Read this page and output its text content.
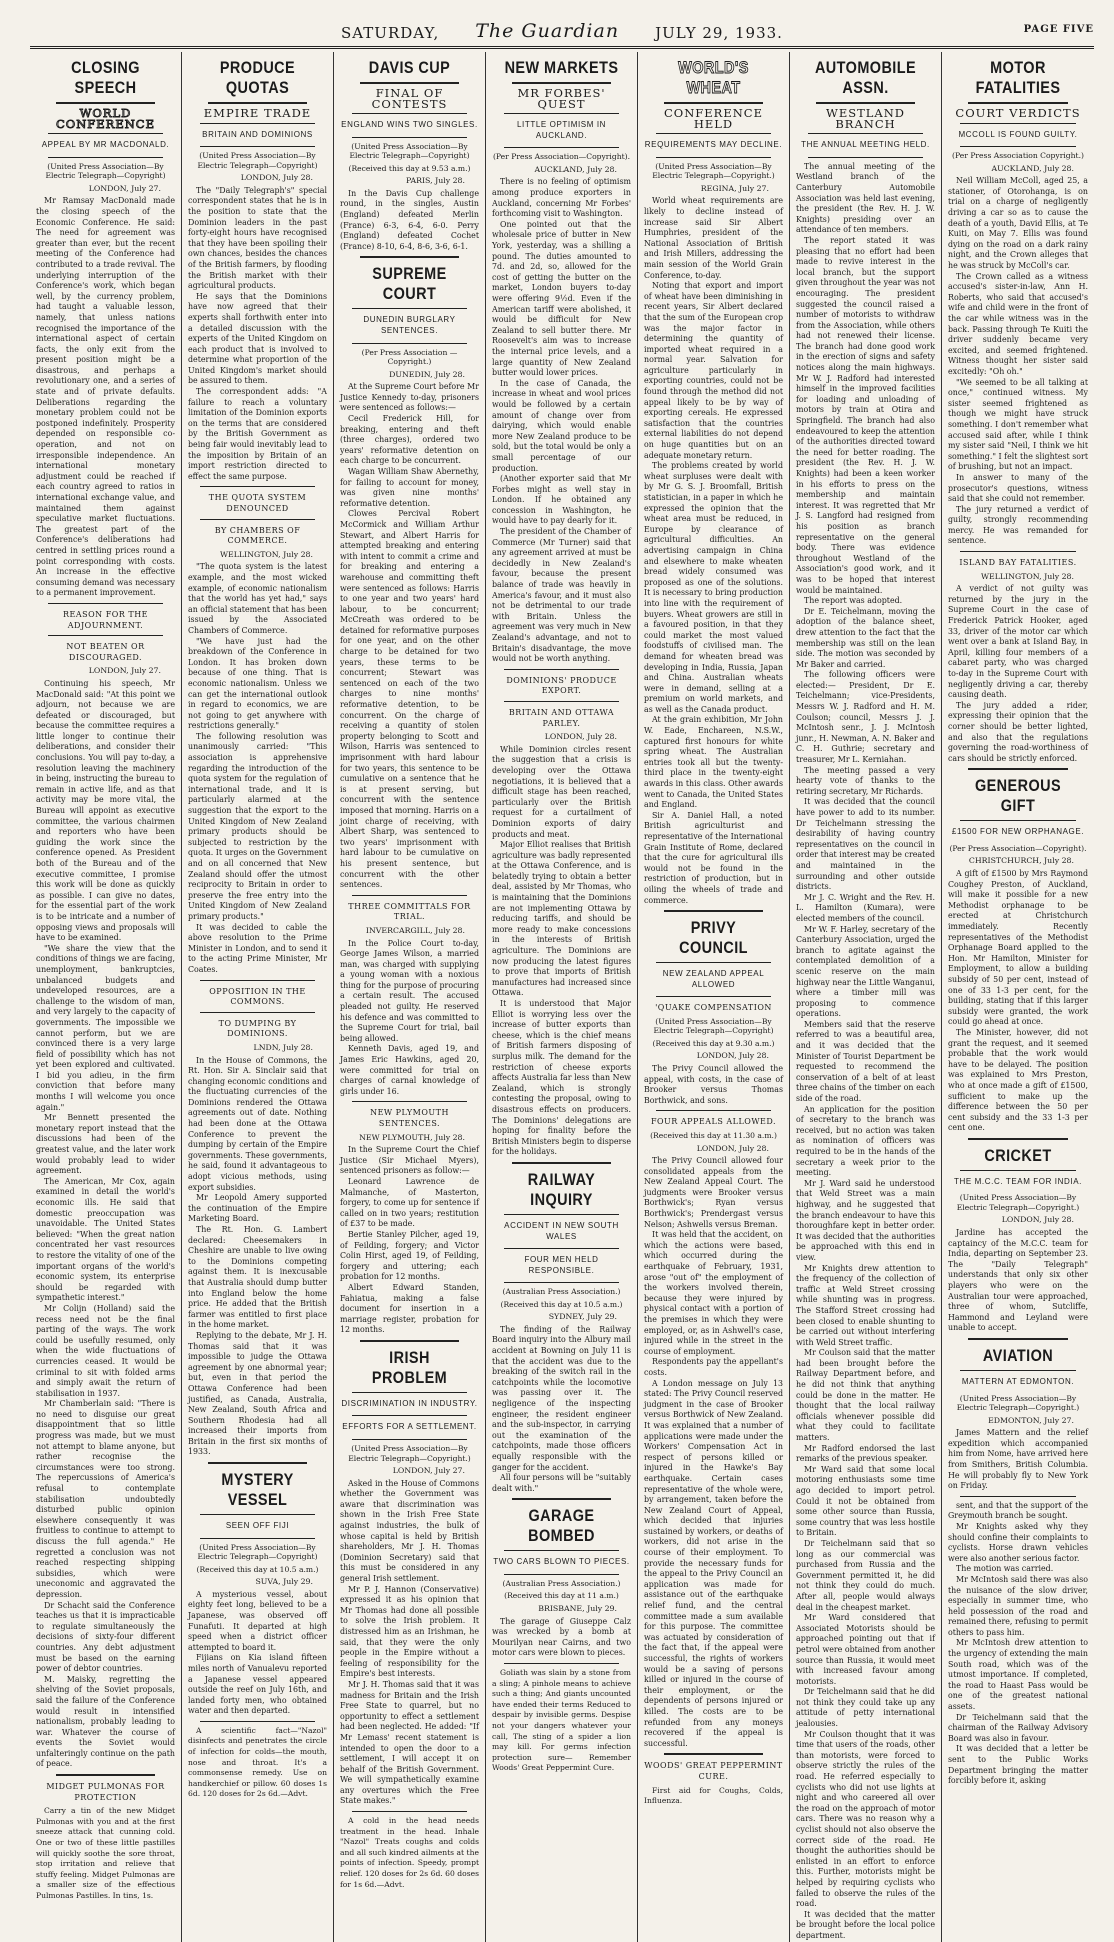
SATURDAY, The Guardian JULY 29, 1933.	PAGE FIVE
CLOSING SPEECH
WORLD CONFERENCE
APPEAL BY MR MACDONALD.
(United Press Association—By Electric Telegraph—Copyright)
LONDON, July 27.

Mr Ramsay MacDonald made the closing speech of the Economic Conference. He said: The need for agreement was greater than ever, but the recent meeting of the Conference had contributed to a trade revival. The underlying interruption of the Conference's work, which began well, by the currency problem, had taught a valuable lesson, namely, that unless nations recognised the importance of the international aspect of certain facts, the only exit from the present position might be a disastrous, and perhaps a revolutionary one, and a series of state and of private defaults. Deliberations regarding the monetary problem could not be postponed indefinitely. Prosperity depended on responsible co-operation, and not on irresponsible independence. An international monetary adjustment could be reached if each country agreed to ratios in international exchange value, and maintained them against speculative market fluctuations. The greatest part of the Conference's deliberations had centred in settling prices round a point corresponding with costs. An increase in the effective consuming demand was necessary to a permanent improvement.

REASON FOR THE ADJOURNMENT.
NOT BEATEN OR DISCOURAGED.
LONDON, July 27.

Continuing his speech, Mr MacDonald said: "At this point we adjourn, not because we are defeated or discouraged, but because the committee requires a little longer to continue their deliberations, and consider their conclusions. You will pay to-day, a resolution leaving the machinery in being, instructing the bureau to remain in active life, and as that activity may be more vital, the Bureau will appoint as executive committee, the various chairmen and reporters who have been guiding the work since the conference opened. As President both of the Bureau and of the executive committee, I promise this work will be done as quickly as possible. I can give no dates, for the essential part of the work is to be intricate and a number of opposing views and proposals will have to be examined.

"We share the view that the conditions of things we are facing, unemployment, bankruptcies, unbalanced budgets and undeveloped resources, are a challenge to the wisdom of man, and very largely to the capacity of governments. The impossible we cannot perform, but we are convinced there is a very large field of possibility which has not yet been explored and cultivated. I bid you adieu, in the firm conviction that before many months I will welcome you once again."

Mr Bennett presented the monetary report instead that the discussions had been of the greatest value, and the later work would probably lead to wider agreement.

The American, Mr Cox, again examined in detail the world's economic ills. He said that domestic preoccupation was unavoidable. The United States believed: "When the great nation concentrated her vast resources to restore the vitality of one of the important organs of the world's economic system, its enterprise should be regarded with sympathetic interest."

Mr Colijn (Holland) said the recess need not be the final parting of the ways. The work could be usefully resumed, only when the wide fluctuations of currencies ceased. It would be criminal to sit with folded arms and simply await the return of stabilisation in 1937.

Mr Chamberlain said: "There is no need to disguise our great disappointment that so little progress was made, but we must not attempt to blame anyone, but rather recognise the circumstances were too strong. The repercussions of America's refusal to contemplate stabilisation undoubtedly disturbed public opinion elsewhere consequently it was fruitless to continue to attempt to discuss the full agenda." He regretted a conclusion was not reached respecting shipping subsidies, which were uneconomic and aggravated the depression.

Dr Schacht said the Conference teaches us that it is impracticable to regulate simultaneously the decisions of sixty-four different countries. Any debt adjustment must be based on the earning power of debtor countries.

M. Maisky, regretting the shelving of the Soviet proposals, said the failure of the Conference would result in intensified nationalism, probably leading to war. Whatever the course of events the Soviet would unfalteringly continue on the path of peace.

MIDGET PULMONAS FOR PROTECTION

Carry a tin of the new Midget Pulmonas with you and at the first sneeze attack that cunning cold. One or two of these little pastilles will quickly soothe the sore throat, stop irritation and relieve that stuffy feeling. Midget Pulmonas are a smaller size of the effectious Pulmonas Pastilles. In tins, 1s.

PRODUCE QUOTAS
EMPIRE TRADE
BRITAIN AND DOMINIONS
(United Press Association—By Electric Telegraph—Copyright)
LONDON, July 28.

The "Daily Telegraph's" special correspondent states that he is in the position to state that the Dominion leaders in the past forty-eight hours have recognised that they have been spoiling their own chances, besides the chances of the British farmers, by flooding the British market with their agricultural products.

He says that the Dominions have now agreed that their experts shall forthwith enter into a detailed discussion with the experts of the United Kingdom on each product that is involved to determine what proportion of the United Kingdom's market should be assured to them.

The correspondent adds: "A failure to reach a voluntary limitation of the Dominion exports on the terms that are considered by the British Government as being fair would inevitably lead to the imposition by Britain of an import restriction directed to effect the same purpose.

THE QUOTA SYSTEM DENOUNCED
BY CHAMBERS OF COMMERCE.
WELLINGTON, July 28.

"The quota system is the latest example, and the most wicked example, of economic nationalism that the world has yet had," says an official statement that has been issued by the Associated Chambers of Commerce.

"We have just had the breakdown of the Conference in London. It has broken down because of one thing. That is economic nationalism. Unless we can get the international outlook in regard to economics, we are not going to get anywhere with restrictions generally."

The following resolution was unanimously carried: "This association is apprehensive regarding the introduction of the quota system for the regulation of international trade, and it is particularly alarmed at the suggestion that the export to the United Kingdom of New Zealand primary products should be subjected to restriction by the quota. It urges on the Government and on all concerned that New Zealand should offer the utmost reciprocity to Britain in order to preserve the free entry into the United Kingdom of New Zealand primary products."

It was decided to cable the above resolution to the Prime Minister in London, and to send it to the acting Prime Minister, Mr Coates.

OPPOSITION IN THE COMMONS.
TO DUMPING BY DOMINIONS.
LNDN, July 28.

In the House of Commons, the Rt. Hon. Sir A. Sinclair said that changing economic conditions and the fluctuating currencies of the Dominions rendered the Ottawa agreements out of date. Nothing had been done at the Ottawa Conference to prevent the dumping by certain of the Empire governments. These governments, he said, found it advantageous to adopt vicious methods, using export subsidies.

Mr Leopold Amery supported the continuation of the Empire Marketing Board.

The Rt. Hon. G. Lambert declared: Cheesemakers in Cheshire are unable to live owing to the Dominions competing against them. It is inexcusable that Australia should dump butter into England below the home price. He added that the British farmer was entitled to first place in the home market.

Replying to the debate, Mr J. H. Thomas said that it was impossible to judge the Ottawa agreement by one abnormal year; but, even in that period the Ottawa Conference had been justified, as Canada, Australia, New Zealand, South Africa and Southern Rhodesia had all increased their imports from Britain in the first six months of 1933.

MYSTERY VESSEL
SEEN OFF FIJI
(United Press Association—By Electric Telegraph—Copyright)
(Received this day at 10.5 a.m.)
SUVA, July 29.

A mysterious vessel, about eighty feet long, believed to be a Japanese, was observed off Funafuti. It departed at high speed when a district officer attempted to board it.

Fijians on Kia island fifteen miles north of Vanualevu reported a Japanese vessel appeared outside the reef on July 16th, and landed forty men, who obtained water and then departed.

A scientific fact—"Nazol" disinfects and penetrates the circle of infection for colds—the mouth, nose and throat. It's a commonsense remedy. Use on handkerchief or pillow. 60 doses 1s 6d. 120 doses for 2s 6d.—Advt.

DAVIS CUP
FINAL OF CONTESTS
ENGLAND WINS TWO SINGLES.
(United Press Association—By Electric Telegraph—Copyright)
(Received this day at 9.53 a.m.)
PARIS, July 28.

In the Davis Cup challenge round, in the singles, Austin (England) defeated Merlin (France) 6-3, 6-4, 6-0. Perry (England) defeated Cochet (France) 8-10, 6-4, 8-6, 3-6, 6-1.

SUPREME COURT
DUNEDIN BURGLARY SENTENCES.
(Per Press Association — Copyright.)
DUNEDIN, July 28.

At the Supreme Court before Mr Justice Kennedy to-day, prisoners were sentenced as follows:—

Cecil Frederick Hill, for breaking, entering and theft (three charges), ordered two years' reformative detention on each charge to be concurrent.

Wagan William Shaw Abernethy, for failing to account for money, was given nine months' reformative detention.

Clowes Percival Robert McCormick and William Arthur Stewart, and Albert Harris for attempted breaking and entering with intent to commit a crime and for breaking and entering a warehouse and committing theft were sentenced as follows: Harris to one year and two years' hard labour, to be concurrent; McCreath was ordered to be detained for reformative purposes for one year, and on the other charge to be detained for two years, these terms to be concurrent; Stewart was sentenced on each of the two charges to nine months' reformative detention, to be concurrent. On the charge of receiving a quantity of stolen property belonging to Scott and Wilson, Harris was sentenced to imprisonment with hard labour for two years, this sentence to be cumulative on a sentence that he is at present serving, but concurrent with the sentence imposed that morning. Harris on a joint charge of receiving, with Albert Sharp, was sentenced to two years' imprisonment with hard labour to be cumulative on his present sentence, but concurrent with the other sentences.

THREE COMMITTALS FOR TRIAL.
INVERCARGILL, July 28.

In the Police Court to-day, George James Wilson, a married man, was charged with supplying a young woman with a noxious thing for the purpose of procuring a certain result. The accused pleaded not guilty. He reserved his defence and was committed to the Supreme Court for trial, bail being allowed.

Kenneth Davis, aged 19, and James Eric Hawkins, aged 20, were committed for trial on charges of carnal knowledge of girls under 16.

NEW PLYMOUTH SENTENCES.
NEW PLYMOUTH, July 28.

In the Supreme Court the Chief Justice (Sir Michael Myers), sentenced prisoners as follow:—

Leonard Lawrence de Malmanche, of Masterton, forgery, to come up for sentence if called on in two years; restitution of £37 to be made.

Bertie Stanley Pilcher, aged 19, of Feilding, forgery; and Victor Colin Hirst, aged 19, of Feilding, forgery and uttering; each probation for 12 months.

Albert Edward Standen, Fahiatua, making a false document for insertion in a marriage register, probation for 12 months.

IRISH PROBLEM
DISCRIMINATION IN INDUSTRY.
EFFORTS FOR A SETTLEMENT.
(United Press Association—By Electric Telegraph—Copyright.)
LONDON, July 27.

Asked in the House of Commons whether the Government was aware that discrimination was shown in the Irish Free State against industries, the bulk of whose capital is held by British shareholders, Mr J. H. Thomas (Dominion Secretary) said that this must be considered in any general Irish settlement.

Mr P. J. Hannon (Conservative) expressed it as his opinion that Mr Thomas had done all possible to solve the Irish problem. It distressed him as an Irishman, he said, that they were the only people in the Empire without a feeling of responsibility for the Empire's best interests.

Mr J. H. Thomas said that it was madness for Britain and the Irish Free State to quarrel, but no opportunity to effect a settlement had been neglected. He added: "If Mr Lemass' recent statement is intended to open the door to a settlement, I will accept it on behalf of the British Government. We will sympathetically examine any overtures which the Free State makes."

A cold in the head needs treatment in the head. Inhale "Nazol" Treats coughs and colds and all such kindred ailments at the points of infection. Speedy, prompt relief. 120 doses for 2s 6d. 60 doses for 1s 6d.—Advt.

NEW MARKETS
MR FORBES' QUEST
LITTLE OPTIMISM IN AUCKLAND.
(Per Press Association—Copyright).
AUCKLAND, July 28.

There is no feeling of optimism among produce exporters in Auckland, concerning Mr Forbes' forthcoming visit to Washington.

One pointed out that the wholesale price of butter in New York, yesterday, was a shilling a pound. The duties amounted to 7d. and 2d, so, allowed for the cost of getting the butter on the market, London buyers to-day were offering 9½d. Even if the American tariff were abolished, it would be difficult for New Zealand to sell butter there. Mr Roosevelt's aim was to increase the internal price levels, and a large quantity of New Zealand butter would lower prices.

In the case of Canada, the increase in wheat and wool prices would be followed by a certain amount of change over from dairying, which would enable more New Zealand produce to be sold, but the total would be only a small percentage of our production.

(Another exporter said that Mr Forbes might as well stay in London. If he obtained any concession in Washington, he would have to pay dearly for it.

The president of the Chamber of Commerce (Mr Turner) said that any agreement arrived at must be decidedly in New Zealand's favour, because the present balance of trade was heavily in America's favour, and it must also not be detrimental to our trade with Britain. Unless the agreement was very much in New Zealand's advantage, and not to Britain's disadvantage, the move would not be worth anything.

DOMINIONS' PRODUCE EXPORT.
BRITAIN AND OTTAWA PARLEY.
LONDON, July 28.

While Dominion circles resent the suggestion that a crisis is developing over the Ottawa negotiations, it is believed that a difficult stage has been reached, particularly over the British request for a curtailment of Dominion exports of dairy products and meat.

Major Elliot realises that British agriculture was badly represented at the Ottawa Conference, and is belatedly trying to obtain a better deal, assisted by Mr Thomas, who is maintaining that the Dominions are not implementing Ottawa by reducing tariffs, and should be more ready to make concessions in the interests of British agriculture. The Dominions are now producing the latest figures to prove that imports of British manufactures had increased since Ottawa.

It is understood that Major Elliot is worrying less over the increase of butter exports than cheese, which is the chief means of British farmers disposing of surplus milk. The demand for the restriction of cheese exports affects Australia far less than New Zealand, which is strongly contesting the proposal, owing to disastrous effects on producers. The Dominions' delegations are hoping for finality before the British Ministers begin to disperse for the holidays.

RAILWAY INQUIRY
ACCIDENT IN NEW SOUTH WALES
FOUR MEN HELD RESPONSIBLE.
(Australian Press Association.)
(Received this day at 10.5 a.m.)
SYDNEY, July 29.

The finding of the Railway Board inquiry into the Albury mail accident at Bowning on July 11 is that the accident was due to the breaking of the switch rail in the catchpoints while the locomotive was passing over it. The negligence of the inspecting engineer, the resident engineer and the sub-inspector, in carrying out the examination of the catchpoints, made those officers equally responsible with the ganger for the accident.

All four persons will be "suitably dealt with."

GARAGE BOMBED
TWO CARS BLOWN TO PIECES.
(Australian Press Association.)
(Received this day at 11 a.m.)
BRISBANE, July 29.

The garage of Giuseppe Calz was wrecked by a bomb at Mourilyan near Cairns, and two motor cars were blown to pieces.

Goliath was slain by a stone from a sling; A pinhole means to achieve such a thing; And giants uncounted have ended their terms Reduced to despair by invisible germs. Despise not your dangers whatever your call, The sting of a spider a lion may kill. For germs infection protection sure— Remember Woods' Great Peppermint Cure.

WORLD'S WHEAT
CONFERENCE HELD
REQUIREMENTS MAY DECLINE.
(United Press Association—By Electric Telegraph—Copyright.)
REGINA, July 27.

World wheat requirements are likely to decline instead of increase said Sir Albert Humphries, president of the National Association of British and Irish Millers, addressing the main session of the World Grain Conference, to-day.

Noting that export and import of wheat have been diminishing in recent years, Sir Albert declared that the sum of the European crop was the major factor in determining the quantity of imported wheat required in a normal year. Salvation for agriculture particularly in exporting countries, could not be found through the method did not appeal likely to be by way of exporting cereals. He expressed satisfaction that the countries external liabilities do not depend on huge quantities but on an adequate monetary return.

The problems created by world wheat surpluses were dealt with by Mr G. S. J. Broomfall, British statistician, in a paper in which he expressed the opinion that the wheat area must be reduced, in Europe by clearance of agricultural difficulties. An advertising campaign in China and elsewhere to make wheaten bread widely consumed was proposed as one of the solutions. It is necessary to bring production into line with the requirement of buyers. Wheat growers are still in a favoured position, in that they could market the most valued foodstuffs of civilised man. The demand for wheaten bread was developing in India, Russia, Japan and China. Australian wheats were in demand, selling at a premium on world markets, and as well as the Canada product.

At the grain exhibition, Mr John W. Eade, Enchareen, N.S.W., captured first honours for white spring wheat. The Australian entries took all but the twenty-third place in the twenty-eight awards in this class. Other awards went to Canada, the United States and England.

Sir A. Daniel Hall, a noted British agriculturist and representative of the International Grain Institute of Rome, declared that the cure for agricultural ills would not be found in the restriction of production, but in oiling the wheels of trade and commerce.

PRIVY COUNCIL
NEW ZEALAND APPEAL ALLOWED
'QUAKE COMPENSATION
(United Press Association—By Electric Telegraph—Copyright)
(Received this day at 9.30 a.m.)
LONDON, July 28.

The Privy Council allowed the appeal, with costs, in the case of Brooker versus Thomas Borthwick, and sons.

FOUR APPEALS ALLOWED.
(Received this day at 11.30 a.m.)
LONDON, July 28.

The Privy Council allowed four consolidated appeals from the New Zealand Appeal Court. The judgments were Brooker versus Borthwick's; Ryan versus Borthwick's; Prendergast versus Nelson; Ashwells versus Breman.

It was held that the accident, on which the actions were based, which occurred during the earthquake of February, 1931, arose "out of" the employment of the workers involved therein, because they were injured by physical contact with a portion of the premises in which they were employed, or, as in Ashwell's case, injured while in the street in the course of employment.

Respondents pay the appellant's costs.

A London message on July 13 stated: The Privy Council reserved judgment in the case of Brooker versus Borthwick of New Zealand. It was explained that a number of applications were made under the Workers' Compensation Act in respect of persons killed or injured in the Hawke's Bay earthquake. Certain cases representative of the whole were, by arrangement, taken before the New Zealand Court of Appeal, which decided that injuries sustained by workers, or deaths of workers, did not arise in the course of their employment. To provide the necessary funds for the appeal to the Privy Council an application was made for assistance out of the earthquake relief fund, and the central committee made a sum available for this purpose. The committee was actuated by consideration of the fact that, if the appeal were successful, the rights of workers would be a saving of persons killed or injured in the course of their employment, or the dependents of persons injured or killed. The costs are to be refunded from any moneys recovered if the appeal is successful.

WOODS' GREAT PEPPERMINT CURE.

First aid for Coughs, Colds, Influenza.

AUTOMOBILE ASSN.
WESTLAND BRANCH
THE ANNUAL MEETING HELD.

The annual meeting of the Westland branch of the Canterbury Automobile Association was held last evening, the president (the Rev. H. J. W. Knights) presiding over an attendance of ten members.

The report stated it was pleasing that no effort had been made to revive interest in the local branch, but the support given throughout the year was not encouraging. The president suggested the council raised a number of motorists to withdraw from the Association, while others had not renewed their license. The branch had done good work in the erection of signs and safety notices along the main highways. Mr W. J. Radford had interested himself in the improved facilities for loading and unloading of motors by train at Otira and Springfield. The branch had also endeavoured to keep the attention of the authorities directed toward the need for better roading. The president (the Rev. H. J. W. Knights) had been a keen worker in his efforts to press on the membership and maintain interest. It was regretted that Mr J. S. Langford had resigned from his position as branch representative on the general body. There was evidence throughout Westland of the Association's good work, and it was to be hoped that interest would be maintained.

The report was adopted.

Dr E. Teichelmann, moving the adoption of the balance sheet, drew attention to the fact that the membership was still on the lean side. The motion was seconded by Mr Baker and carried.

The following officers were elected:— President, Dr E. Teichelmann; vice-Presidents, Messrs W. J. Radford and H. M. Coulson; council, Messrs J. J. McIntosh senr., J. J. McIntosh junr., H. Newman, A. N. Baker and C. H. Guthrie; secretary and treasurer, Mr L. Kerniahan.

The meeting passed a very hearty vote of thanks to the retiring secretary, Mr Richards.

It was decided that the council have power to add to its number. Dr Teichelmann stressing the desirability of having country representatives on the council in order that interest may be created and maintained in the surrounding and other outside districts.

Mr J. C. Wright and the Rev. H. L. Hamilton (Kumara), were elected members of the council.

Mr W. F. Harley, secretary of the Canterbury Association, urged the branch to agitate against the contemplated demolition of a scenic reserve on the main highway near the Little Wanganui, where a timber mill was proposing to commence operations.

Members said that the reserve referred to was a beautiful area, and it was decided that the Minister of Tourist Department be requested to recommend the conservation of a belt of at least three chains of the timber on each side of the road.

An application for the position of secretary to the branch was received, but no action was taken as nomination of officers was required to be in the hands of the secretary a week prior to the meeting.

Mr J. Ward said he understood that Weld Street was a main highway, and he suggested that the branch endeavour to have this thoroughfare kept in better order. It was decided that the authorities be approached with this end in view.

Mr Knights drew attention to the frequency of the collection of traffic at Weld Street crossing while shunting was in progress. The Stafford Street crossing had been closed to enable shunting to be carried out without interfering with Weld Street traffic.

Mr Coulson said that the matter had been brought before the Railway Department before, and he did not think that anything could be done in the matter. He thought that the local railway officials whenever possible did what they could to facilitate matters.

Mr Radford endorsed the last remarks of the previous speaker.

Mr Ward said that some local motoring enthusiasts some time ago decided to import petrol. Could it not be obtained from some other source than Russia, some country that was less hostile to Britain.

Dr Teichelmann said that so long as our commercial was purchased from Russia and the Government permitted it, he did not think they could do much. After all, people would always deal in the cheapest market.

Mr Ward considered that Associated Motorists should be approached pointing out that if petrol were obtained from another source than Russia, it would meet with increased favour among motorists.

Dr Teichelmann said that he did not think they could take up any attitude of petty international jealousies.

Mr Coulson thought that it was time that users of the roads, other than motorists, were forced to observe strictly the rules of the road. He referred especially to cyclists who did not use lights at night and who careered all over the road on the approach of motor cars. There was no reason why a cyclist should not also observe the correct side of the road. He thought the authorities should be enlisted in an effort to enforce this. Further, motorists might be helped by requiring cyclists who failed to observe the rules of the road.

It was decided that the matter be brought before the local police department.

MOTOR FATALITIES
COURT VERDICTS
MCCOLL IS FOUND GUILTY.
(Per Press Association Copyright.)
AUCKLAND, July 28.

Neil William McColl, aged 25, a stationer, of Otorohanga, is on trial on a charge of negligently driving a car so as to cause the death of a youth, David Ellis, at Te Kuiti, on May 7. Ellis was found dying on the road on a dark rainy night, and the Crown alleges that he was struck by McColl's car.

The Crown called as a witness accused's sister-in-law, Ann H. Roberts, who said that accused's wife and child were in the front of the car while witness was in the back. Passing through Te Kuiti the driver suddenly became very excited, and seemed frightened. Witness thought her sister said excitedly: "Oh oh."

"We seemed to be all talking at once," continued witness. My sister seemed frightened as though we might have struck something. I don't remember what accused said after, while I think my sister said "Neil, I think we hit something." I felt the slightest sort of brushing, but not an impact.

In answer to many of the prosecutor's questions, witness said that she could not remember.

The jury returned a verdict of guilty, strongly recommending mercy. He was remanded for sentence.

ISLAND BAY FATALITIES.
WELLINGTON, July 28.

A verdict of not guilty was returned by the jury in the Supreme Court in the case of Frederick Patrick Hooker, aged 33, driver of the motor car which went over a bank at Island Bay, in April, killing four members of a cabaret party, who was charged to-day in the Supreme Court with negligently driving a car, thereby causing death.

The jury added a rider, expressing their opinion that the corner should be better lighted, and also that the regulations governing the road-worthiness of cars should be strictly enforced.

GENEROUS GIFT
£1500 FOR NEW ORPHANAGE.
(Per Press Association—Copyright).
CHRISTCHURCH, July 28.

A gift of £1500 by Mrs Raymond Coughey Preston, of Auckland, will make it possible for a new Methodist orphanage to be erected at Christchurch immediately. Recently representatives of the Methodist Orphanage Board applied to the Hon. Mr Hamilton, Minister for Employment, to allow a building subsidy of 50 per cent, instead of one of 33 1-3 per cent, for the building, stating that if this larger subsidy were granted, the work could go ahead at once.

The Minister, however, did not grant the request, and it seemed probable that the work would have to be delayed. The position was explained to Mrs Preston, who at once made a gift of £1500, sufficient to make up the difference between the 50 per cent subsidy and the 33 1-3 per cent one.

CRICKET
THE M.C.C. TEAM FOR INDIA.
(United Press Association—By Electric Telegraph—Copyright.)
LONDON, July 28.

Jardine has accepted the captaincy of the M.C.C. team for India, departing on September 23. The "Daily Telegraph" understands that only six other players who were on the Australian tour were approached, three of whom, Sutcliffe, Hammond and Leyland were unable to accept.

AVIATION
MATTERN AT EDMONTON.
(United Press Association—By Electric Telegraph—Copyright.)
EDMONTON, July 27.

James Mattern and the relief expedition which accompanied him from Nome, have arrived here from Smithers, British Columbia. He will probably fly to New York on Friday.

sent, and that the support of the Greymouth branch be sought.

Mr Knights asked why they should confine their complaints to cyclists. Horse drawn vehicles were also another serious factor.

The motion was carried.

Mr McIntosh said there was also the nuisance of the slow driver, especially in summer time, who held possession of the road and remained there, refusing to permit others to pass him.

Mr McIntosh drew attention to the urgency of extending the main South road, which was of the utmost importance. If completed, the road to Haast Pass would be one of the greatest national assets.

Dr Teichelmann said that the chairman of the Railway Advisory Board was also in favour.

It was decided that a letter be sent to the Public Works Department bringing the matter forcibly before it, asking
